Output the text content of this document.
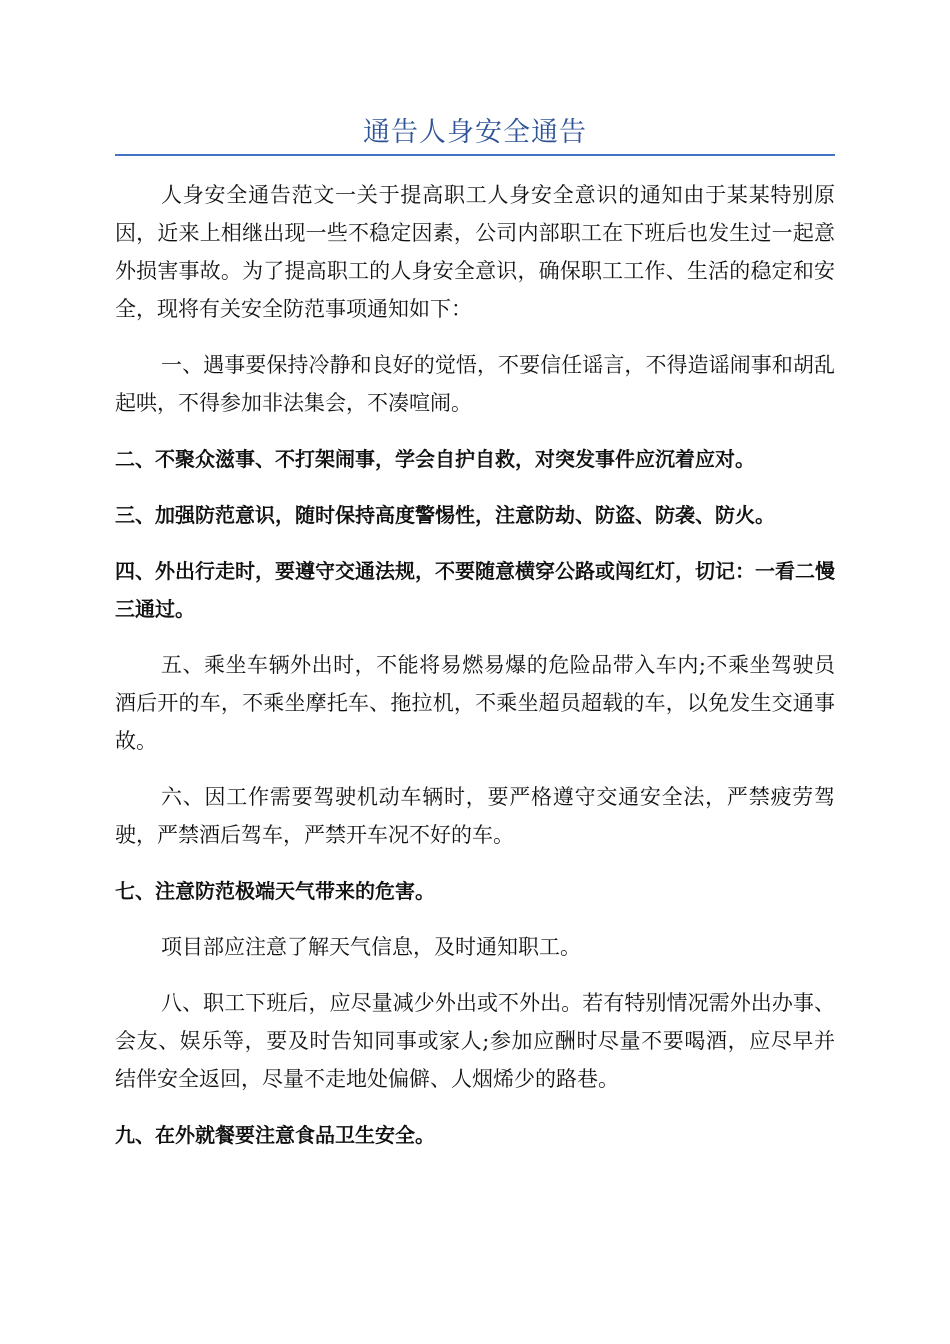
通告人身安全通告

人身安全通告范文一关于提高职工人身安全意识的通知由于某某特别原因，近来上相继出现一些不稳定因素，公司内部职工在下班后也发生过一起意外损害事故。为了提高职工的人身安全意识，确保职工工作、生活的稳定和安全，现将有关安全防范事项通知如下：

一、遇事要保持冷静和良好的觉悟，不要信任谣言，不得造谣闹事和胡乱起哄，不得参加非法集会，不凑喧闹。

二、不聚众滋事、不打架闹事，学会自护自救，对突发事件应沉着应对。

三、加强防范意识，随时保持高度警惕性，注意防劫、防盗、防袭、防火。

四、外出行走时，要遵守交通法规，不要随意横穿公路或闯红灯，切记：一看二慢三通过。

五、乘坐车辆外出时，不能将易燃易爆的危险品带入车内;不乘坐驾驶员酒后开的车，不乘坐摩托车、拖拉机，不乘坐超员超载的车，以免发生交通事故。

六、因工作需要驾驶机动车辆时，要严格遵守交通安全法，严禁疲劳驾驶，严禁酒后驾车，严禁开车况不好的车。

七、注意防范极端天气带来的危害。

项目部应注意了解天气信息，及时通知职工。

八、职工下班后，应尽量减少外出或不外出。若有特别情况需外出办事、会友、娱乐等，要及时告知同事或家人;参加应酬时尽量不要喝酒，应尽早并结伴安全返回，尽量不走地处偏僻、人烟烯少的路巷。

九、在外就餐要注意食品卫生安全。
